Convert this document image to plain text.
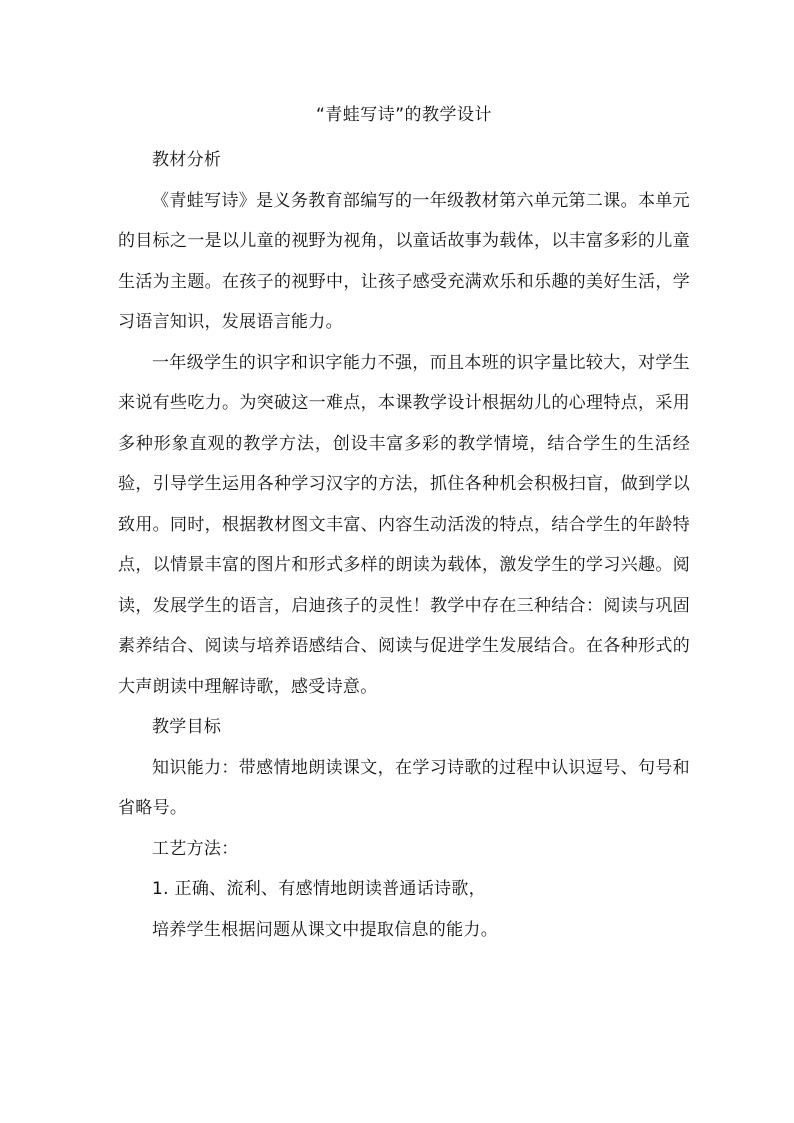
“青蛙写诗”的教学设计

教材分析

《青蛙写诗》是义务教育部编写的一年级教材第六单元第二课。本单元的目标之一是以儿童的视野为视角，以童话故事为载体，以丰富多彩的儿童生活为主题。在孩子的视野中，让孩子感受充满欢乐和乐趣的美好生活，学习语言知识，发展语言能力。

一年级学生的识字和识字能力不强，而且本班的识字量比较大，对学生来说有些吃力。为突破这一难点，本课教学设计根据幼儿的心理特点，采用多种形象直观的教学方法，创设丰富多彩的教学情境，结合学生的生活经验，引导学生运用各种学习汉字的方法，抓住各种机会积极扫盲，做到学以致用。同时，根据教材图文丰富、内容生动活泼的特点，结合学生的年龄特点，以情景丰富的图片和形式多样的朗读为载体，激发学生的学习兴趣。阅读，发展学生的语言，启迪孩子的灵性！教学中存在三种结合：阅读与巩固素养结合、阅读与培养语感结合、阅读与促进学生发展结合。在各种形式的大声朗读中理解诗歌，感受诗意。

教学目标

知识能力：带感情地朗读课文，在学习诗歌的过程中认识逗号、句号和省略号。

工艺方法：

1. 正确、流利、有感情地朗读普通话诗歌，

培养学生根据问题从课文中提取信息的能力。
